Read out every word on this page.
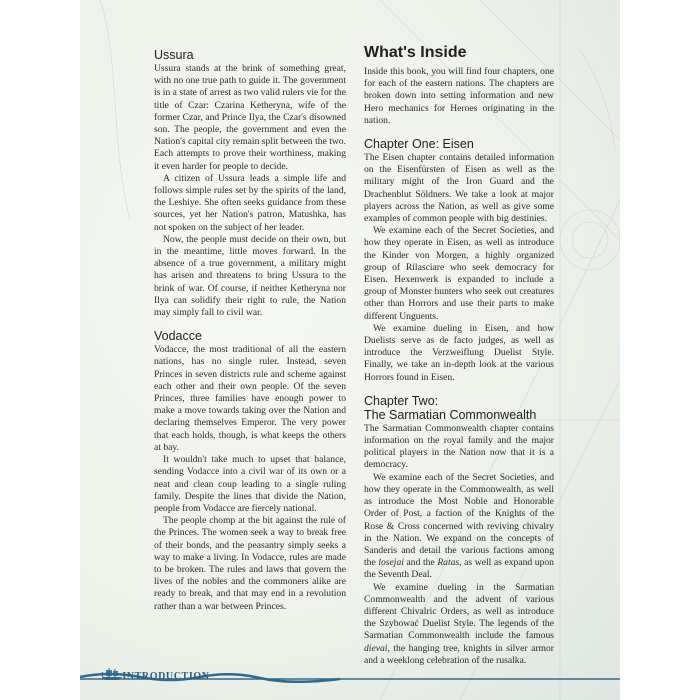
Ussura

Ussura stands at the brink of something great, with no one true path to guide it. The government is in a state of arrest as two valid rulers vie for the title of Czar: Czarina Ketheryna, wife of the former Czar, and Prince Ilya, the Czar's disowned son. The people, the government and even the Nation's capital city remain split between the two. Each attempts to prove their worthiness, making it even harder for people to decide.

A citizen of Ussura leads a simple life and follows simple rules set by the spirits of the land, the Leshiye. She often seeks guidance from these sources, yet her Nation's patron, Matushka, has not spoken on the subject of her leader.

Now, the people must decide on their own, but in the meantime, little moves forward. In the absence of a true government, a military might has arisen and threatens to bring Ussura to the brink of war. Of course, if neither Ketheryna nor Ilya can solidify their right to rule, the Nation may simply fall to civil war.

Vodacce

Vodacce, the most traditional of all the eastern nations, has no single ruler. Instead, seven Princes in seven districts rule and scheme against each other and their own people. Of the seven Princes, three families have enough power to make a move towards taking over the Nation and declaring themselves Emperor. The very power that each holds, though, is what keeps the others at bay.

It wouldn't take much to upset that balance, sending Vodacce into a civil war of its own or a neat and clean coup leading to a single ruling family. Despite the lines that divide the Nation, people from Vodacce are fiercely national.

The people chomp at the bit against the rule of the Princes. The women seek a way to break free of their bonds, and the peasantry simply seeks a way to make a living. In Vodacce, rules are made to be broken. The rules and laws that govern the lives of the nobles and the commoners alike are ready to break, and that may end in a revolution rather than a war between Princes.

What's Inside

Inside this book, you will find four chapters, one for each of the eastern nations. The chapters are broken down into setting information and new Hero mechanics for Heroes originating in the nation.

Chapter One: Eisen

The Eisen chapter contains detailed information on the Eisenfürsten of Eisen as well as the military might of the Iron Guard and the Drachenblut Söldners. We take a look at major players across the Nation, as well as give some examples of common people with big destinies.

We examine each of the Secret Societies, and how they operate in Eisen, as well as introduce the Kinder von Morgen, a highly organized group of Rilasciare who seek democracy for Eisen. Hexenwerk is expanded to include a group of Monster hunters who seek out creatures other than Horrors and use their parts to make different Unguents.

We examine dueling in Eisen, and how Duelists serve as de facto judges, as well as introduce the Verzweiflung Duelist Style. Finally, we take an in-depth look at the various Horrors found in Eisen.

Chapter Two:
The Sarmatian Commonwealth

The Sarmatian Commonwealth chapter contains information on the royal family and the major political players in the Nation now that it is a democracy.

We examine each of the Secret Societies, and how they operate in the Commonwealth, as well as introduce the Most Noble and Honorable Order of Post, a faction of the Knights of the Rose & Cross concerned with reviving chivalry in the Nation. We expand on the concepts of Sanderis and detail the various factions among the losejai and the Ratas, as well as expand upon the Seventh Deal.

We examine dueling in the Sarmatian Commonwealth and the advent of various different Chivalric Orders, as well as introduce the Szybować Duelist Style. The legends of the Sarmatian Commonwealth include the famous dievai, the hanging tree, knights in silver armor and a weeklong celebration of the rusalka.

12 INTRODUCTION
